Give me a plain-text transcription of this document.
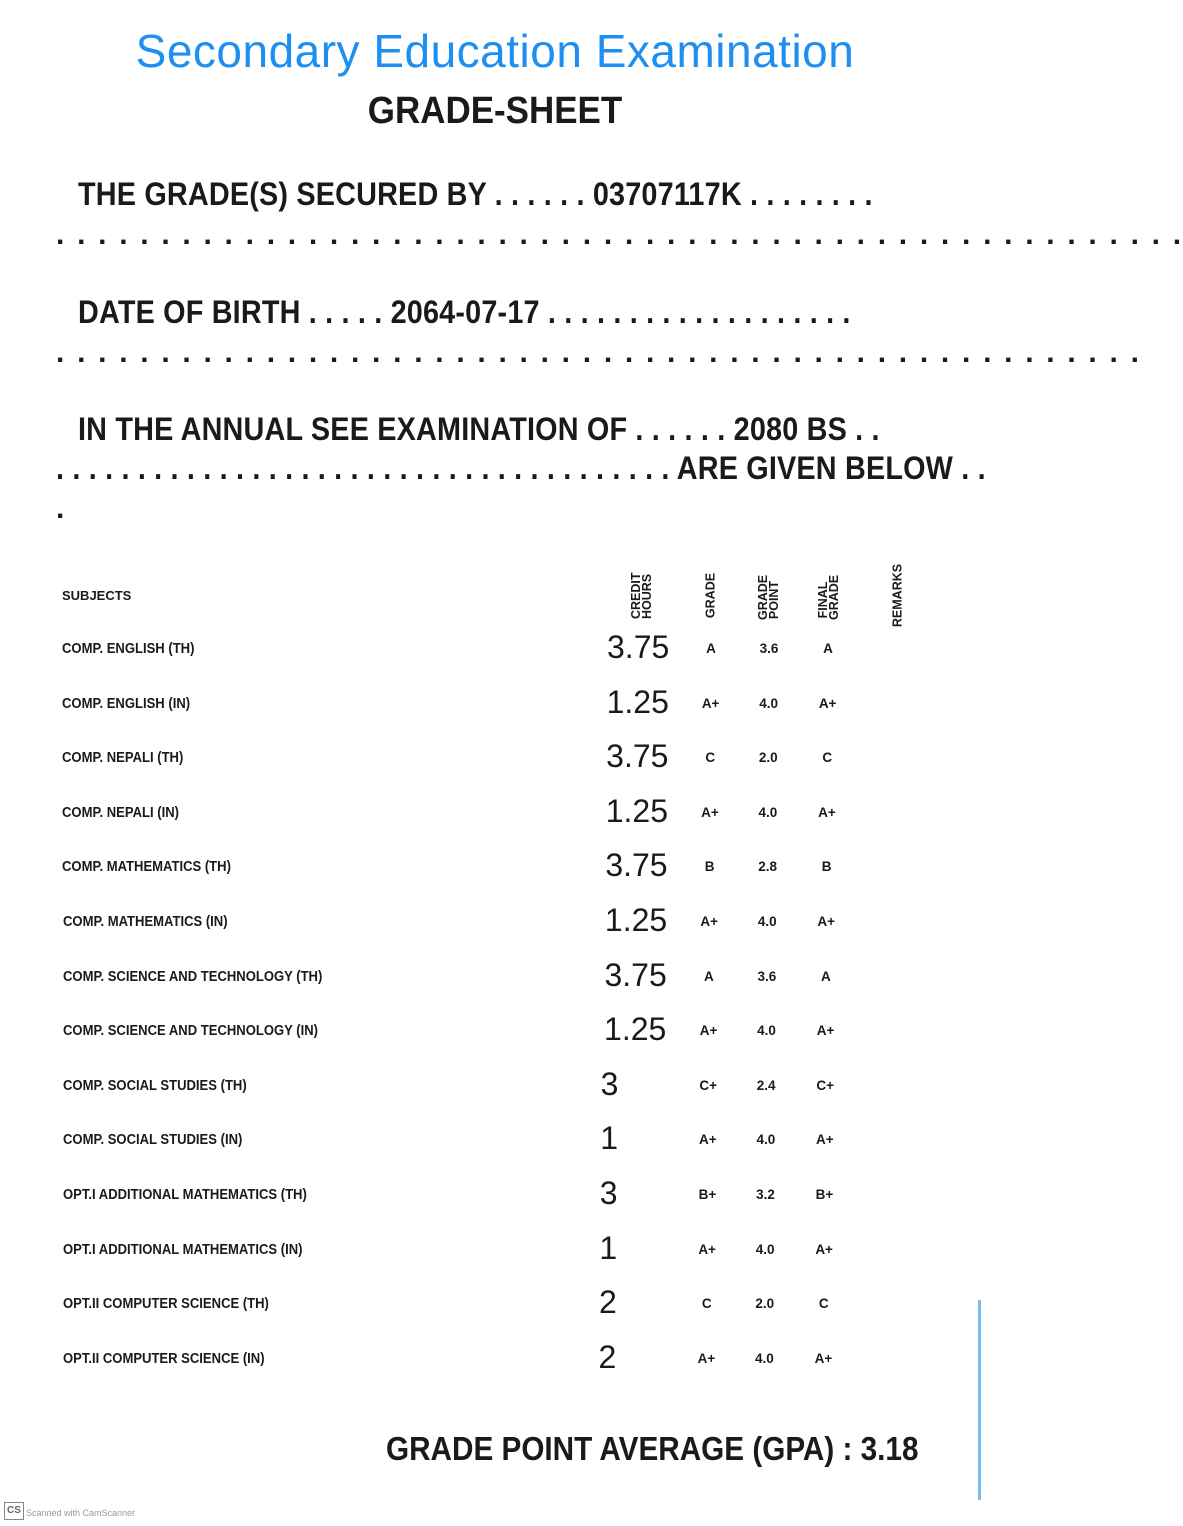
Secondary Education Examination
GRADE-SHEET
THE GRADE(S) SECURED BY . . . . . . 03707117K . . . . . . . .
. . . . . . . . . . . . . . . . . . . . . . . . . . . . . . . . . . . . . . . . . . . . . . . . . . . . . .
DATE OF BIRTH . . . . . 2064-07-17 . . . . . . . . . . . . . . . . . . .
. . . . . . . . . . . . . . . . . . . . . . . . . . . . . . . . . . . . . . . . . . . . . . . . . . . .
IN THE ANNUAL SEE EXAMINATION OF . . . . . . 2080 BS . .
. . . . . . . . . . . . . . . . . . . . . . . . . . . . . . . . . . . . . . ARE GIVEN BELOW . .
.
SUBJECTS	CREDIT HOURS	GRADE	GRADE POINT	FINAL GRADE	REMARKS
COMP. ENGLISH (TH)	3.75	A	3.6	A
COMP. ENGLISH (IN)	1.25	A+	4.0	A+
COMP. NEPALI (TH)	3.75	C	2.0	C
COMP. NEPALI (IN)	1.25	A+	4.0	A+
COMP. MATHEMATICS (TH)	3.75	B	2.8	B
COMP. MATHEMATICS (IN)	1.25	A+	4.0	A+
COMP. SCIENCE AND TECHNOLOGY (TH)	3.75	A	3.6	A
COMP. SCIENCE AND TECHNOLOGY (IN)	1.25	A+	4.0	A+
COMP. SOCIAL STUDIES (TH)	3	C+	2.4	C+
COMP. SOCIAL STUDIES (IN)	1	A+	4.0	A+
OPT.I ADDITIONAL MATHEMATICS (TH)	3	B+	3.2	B+
OPT.I ADDITIONAL MATHEMATICS (IN)	1	A+	4.0	A+
OPT.II COMPUTER SCIENCE (TH)	2	C	2.0	C
OPT.II COMPUTER SCIENCE (IN)	2	A+	4.0	A+
GRADE POINT AVERAGE (GPA) : 3.18
CS Scanned with CamScanner
